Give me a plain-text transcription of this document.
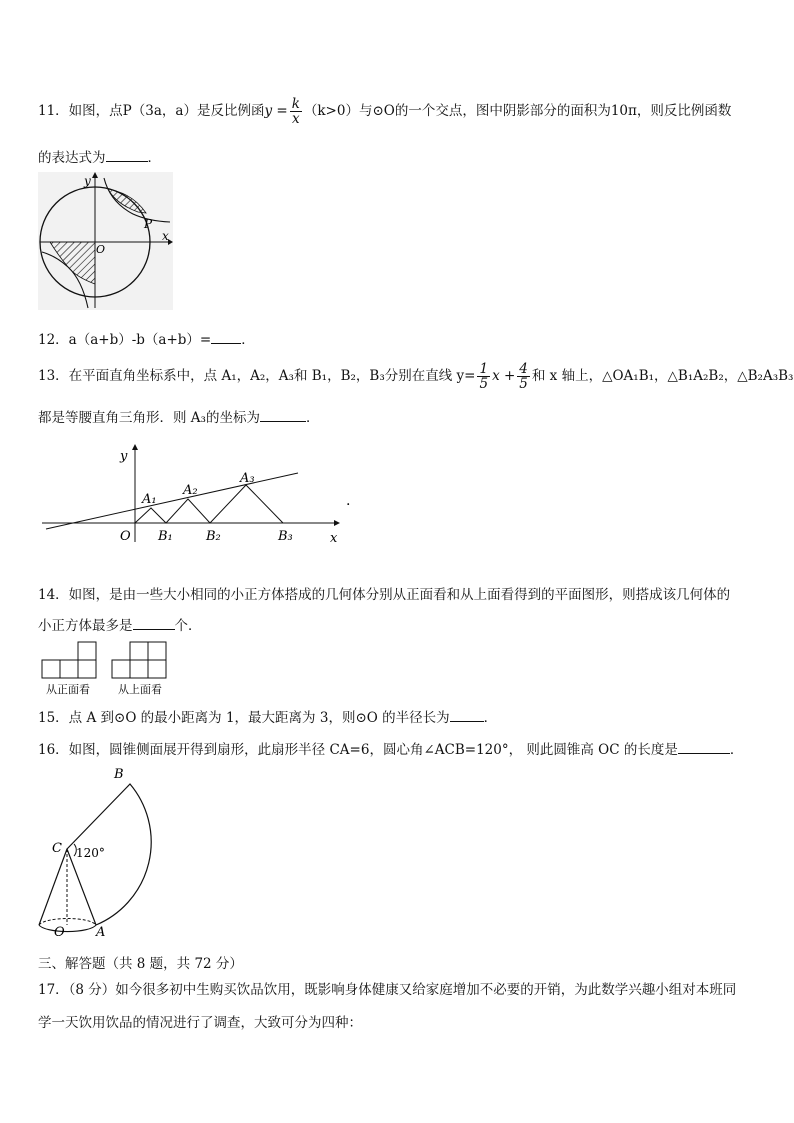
11．如图，点P（3a，a）是反比例函$y = \frac{k}{x} (k>0)$与⊙O的一个交点，图中阴影部分的面积为10π，则反比例函数
的表达式为	．
y
x
O
P
12．a（a+b）-b（a+b）= ．
13．在平面直角坐标系中，点 A₁，A₂，A₃和 B₁，B₂，B₃分别在直线 $y= \frac{1}{5}$ $x + \frac{4}{5}$ 和 x 轴上，△OA₁B₁，△B₁A₂B₂，△B₂A₃B₃
都是等腰直角三角形．则 A₃的坐标为	．
y
x
O
A₁
A₂
A₃
B₁	B₂	B₃
.
14．如图，是由一些大小相同的小正方体搭成的几何体分别从正面看和从上面看得到的平面图形，则搭成该几何体的
小正方体最多是	个．
从正面看	从上面看
15．点 A 到⊙O 的最小距离为 1，最大距离为 3，则⊙O 的半径长为	．
16．如图，圆锥侧面展开得到扇形，此扇形半径 CA=6，圆心角∠ACB=120°， 则此圆锥高 OC 的长度是	．
B
C 120°
O A
三、解答题（共 8 题，共 72 分）
17．（8 分）如今很多初中生购买饮品饮用，既影响身体健康又给家庭增加不必要的开销，为此数学兴趣小组对本班同
学一天饮用饮品的情况进行了调查，大致可分为四种：
